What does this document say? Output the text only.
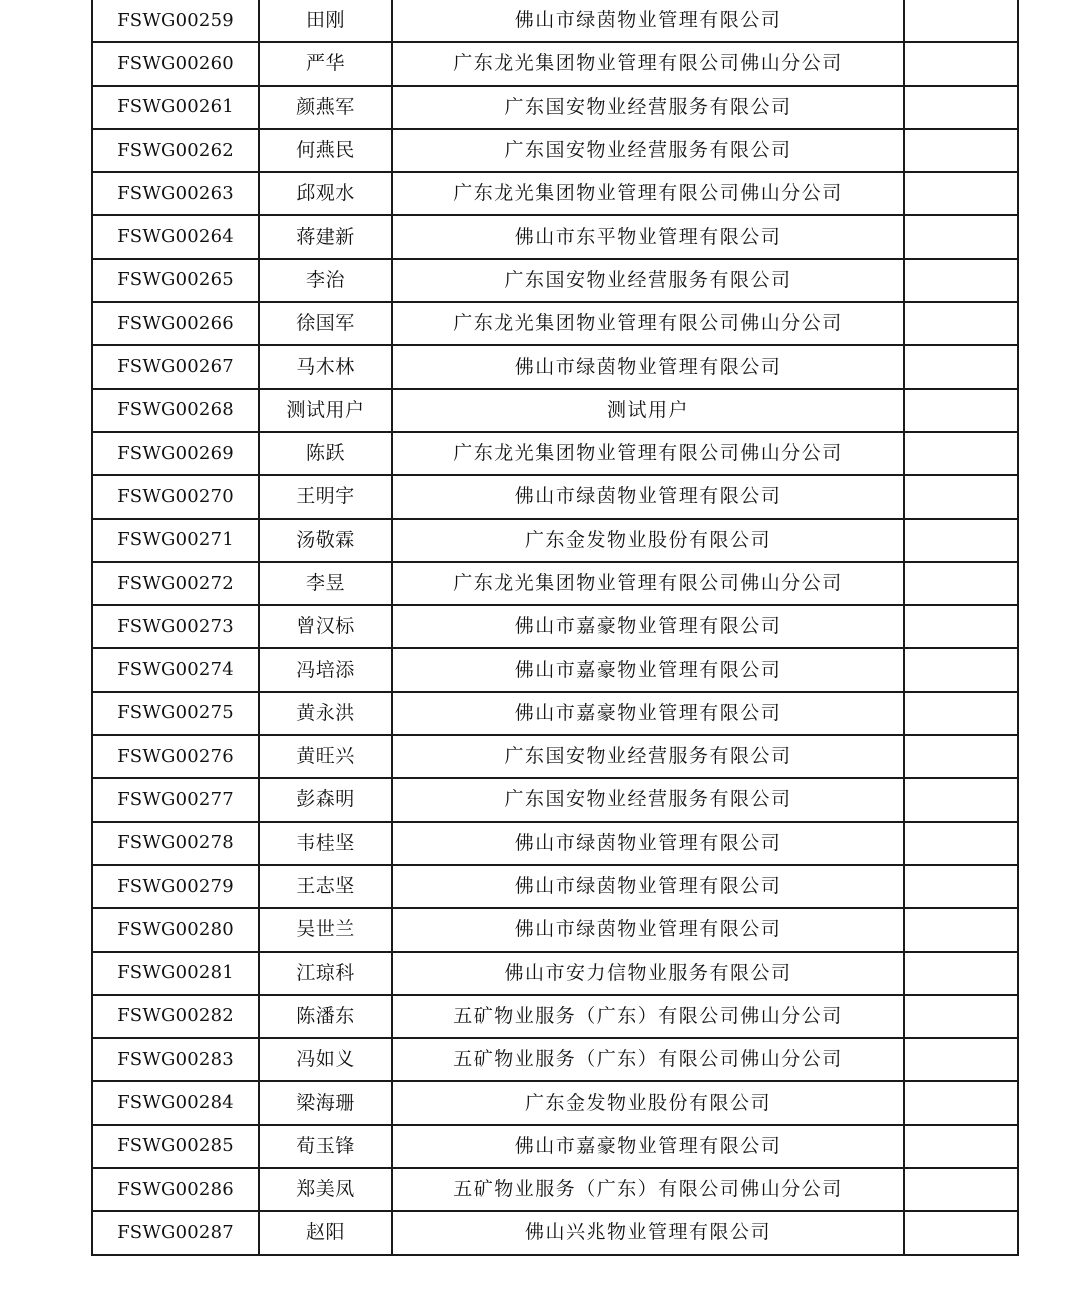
FSWG00259	田刚	佛山市绿茵物业管理有限公司	
FSWG00260	严华	广东龙光集团物业管理有限公司佛山分公司	
FSWG00261	颜燕军	广东国安物业经营服务有限公司	
FSWG00262	何燕民	广东国安物业经营服务有限公司	
FSWG00263	邱观水	广东龙光集团物业管理有限公司佛山分公司	
FSWG00264	蒋建新	佛山市东平物业管理有限公司	
FSWG00265	李治	广东国安物业经营服务有限公司	
FSWG00266	徐国军	广东龙光集团物业管理有限公司佛山分公司	
FSWG00267	马木林	佛山市绿茵物业管理有限公司	
FSWG00268	测试用户	测试用户	
FSWG00269	陈跃	广东龙光集团物业管理有限公司佛山分公司	
FSWG00270	王明宇	佛山市绿茵物业管理有限公司	
FSWG00271	汤敬霖	广东金发物业股份有限公司	
FSWG00272	李昱	广东龙光集团物业管理有限公司佛山分公司	
FSWG00273	曾汉标	佛山市嘉豪物业管理有限公司	
FSWG00274	冯培添	佛山市嘉豪物业管理有限公司	
FSWG00275	黄永洪	佛山市嘉豪物业管理有限公司	
FSWG00276	黄旺兴	广东国安物业经营服务有限公司	
FSWG00277	彭森明	广东国安物业经营服务有限公司	
FSWG00278	韦桂坚	佛山市绿茵物业管理有限公司	
FSWG00279	王志坚	佛山市绿茵物业管理有限公司	
FSWG00280	吴世兰	佛山市绿茵物业管理有限公司	
FSWG00281	江琼科	佛山市安力信物业服务有限公司	
FSWG00282	陈潘东	五矿物业服务（广东）有限公司佛山分公司	
FSWG00283	冯如义	五矿物业服务（广东）有限公司佛山分公司	
FSWG00284	梁海珊	广东金发物业股份有限公司	
FSWG00285	荀玉锋	佛山市嘉豪物业管理有限公司	
FSWG00286	郑美凤	五矿物业服务（广东）有限公司佛山分公司	
FSWG00287	赵阳	佛山兴兆物业管理有限公司	
